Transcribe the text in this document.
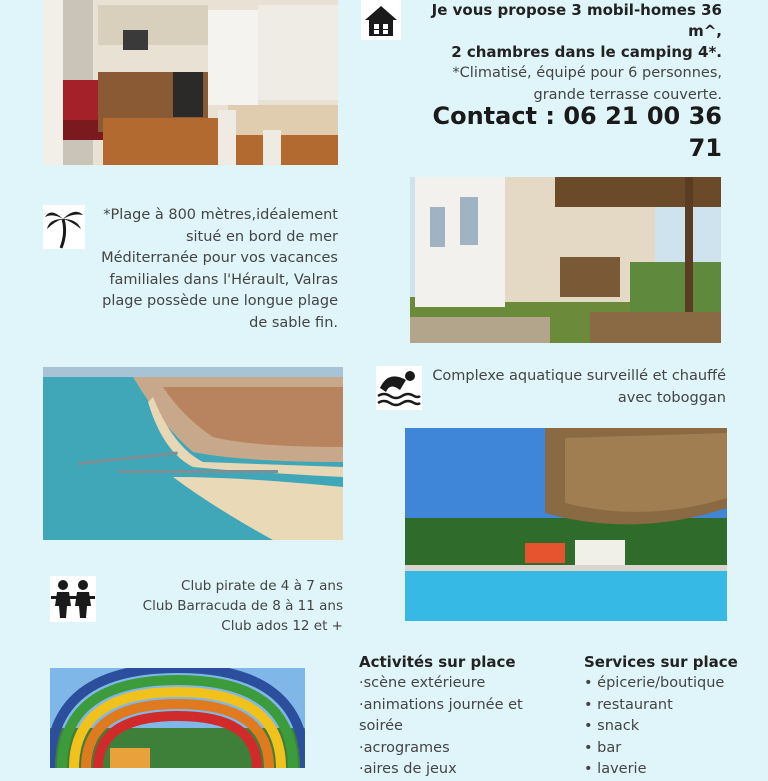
Je vous propose 3 mobil-homes 36 m^,
2 chambres dans le camping 4*.
*Climatisé, équipé pour 6 personnes,
grande terrasse couverte.
Contact : 06 21 00 36 71
*Plage à 800 mètres,idéalement
situé en bord de mer
Méditerranée pour vos vacances
familiales dans l'Hérault, Valras
plage possède une longue plage
de sable fin.
Complexe aquatique surveillé et chauffé
avec toboggan
Club pirate de 4 à 7 ans
Club Barracuda de 8 à 11 ans
Club ados 12 et +
Activités sur place
·scène extérieure
·animations journée et
soirée
·acrogrames
·aires de jeux
Services sur place
• épicerie/boutique
• restaurant
• snack
• bar
• laverie
